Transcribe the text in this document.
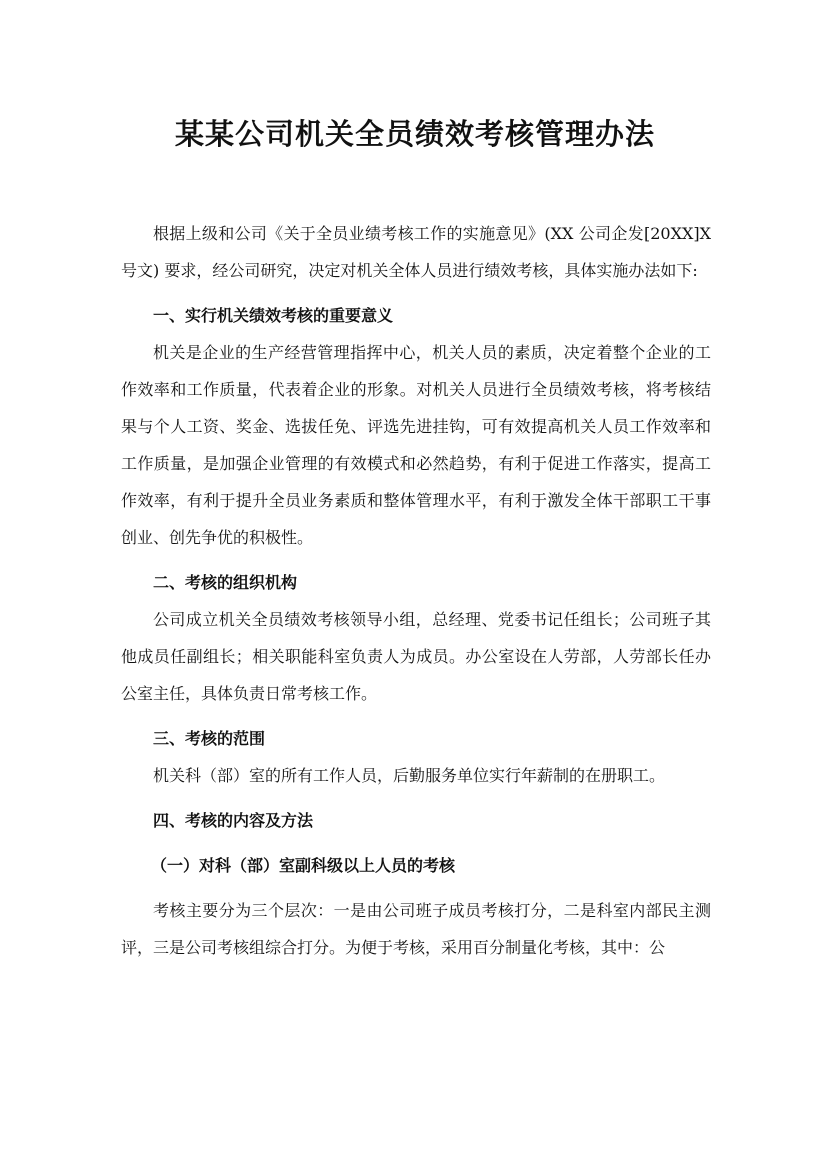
某某公司机关全员绩效考核管理办法

根据上级和公司《关于全员业绩考核工作的实施意见》(XX 公司企发[20XX]X 号文) 要求，经公司研究，决定对机关全体人员进行绩效考核，具体实施办法如下:

一、实行机关绩效考核的重要意义

机关是企业的生产经营管理指挥中心，机关人员的素质，决定着整个企业的工作效率和工作质量，代表着企业的形象。对机关人员进行全员绩效考核，将考核结果与个人工资、奖金、选拔任免、评选先进挂钩，可有效提高机关人员工作效率和工作质量，是加强企业管理的有效模式和必然趋势，有利于促进工作落实，提高工作效率，有利于提升全员业务素质和整体管理水平，有利于激发全体干部职工干事创业、创先争优的积极性。

二、考核的组织机构

公司成立机关全员绩效考核领导小组，总经理、党委书记任组长；公司班子其他成员任副组长；相关职能科室负责人为成员。办公室设在人劳部，人劳部长任办公室主任，具体负责日常考核工作。

三、考核的范围

机关科（部）室的所有工作人员，后勤服务单位实行年薪制的在册职工。

四、考核的内容及方法

（一）对科（部）室副科级以上人员的考核

考核主要分为三个层次：一是由公司班子成员考核打分，二是科室内部民主测评，三是公司考核组综合打分。为便于考核，采用百分制量化考核，其中：公
